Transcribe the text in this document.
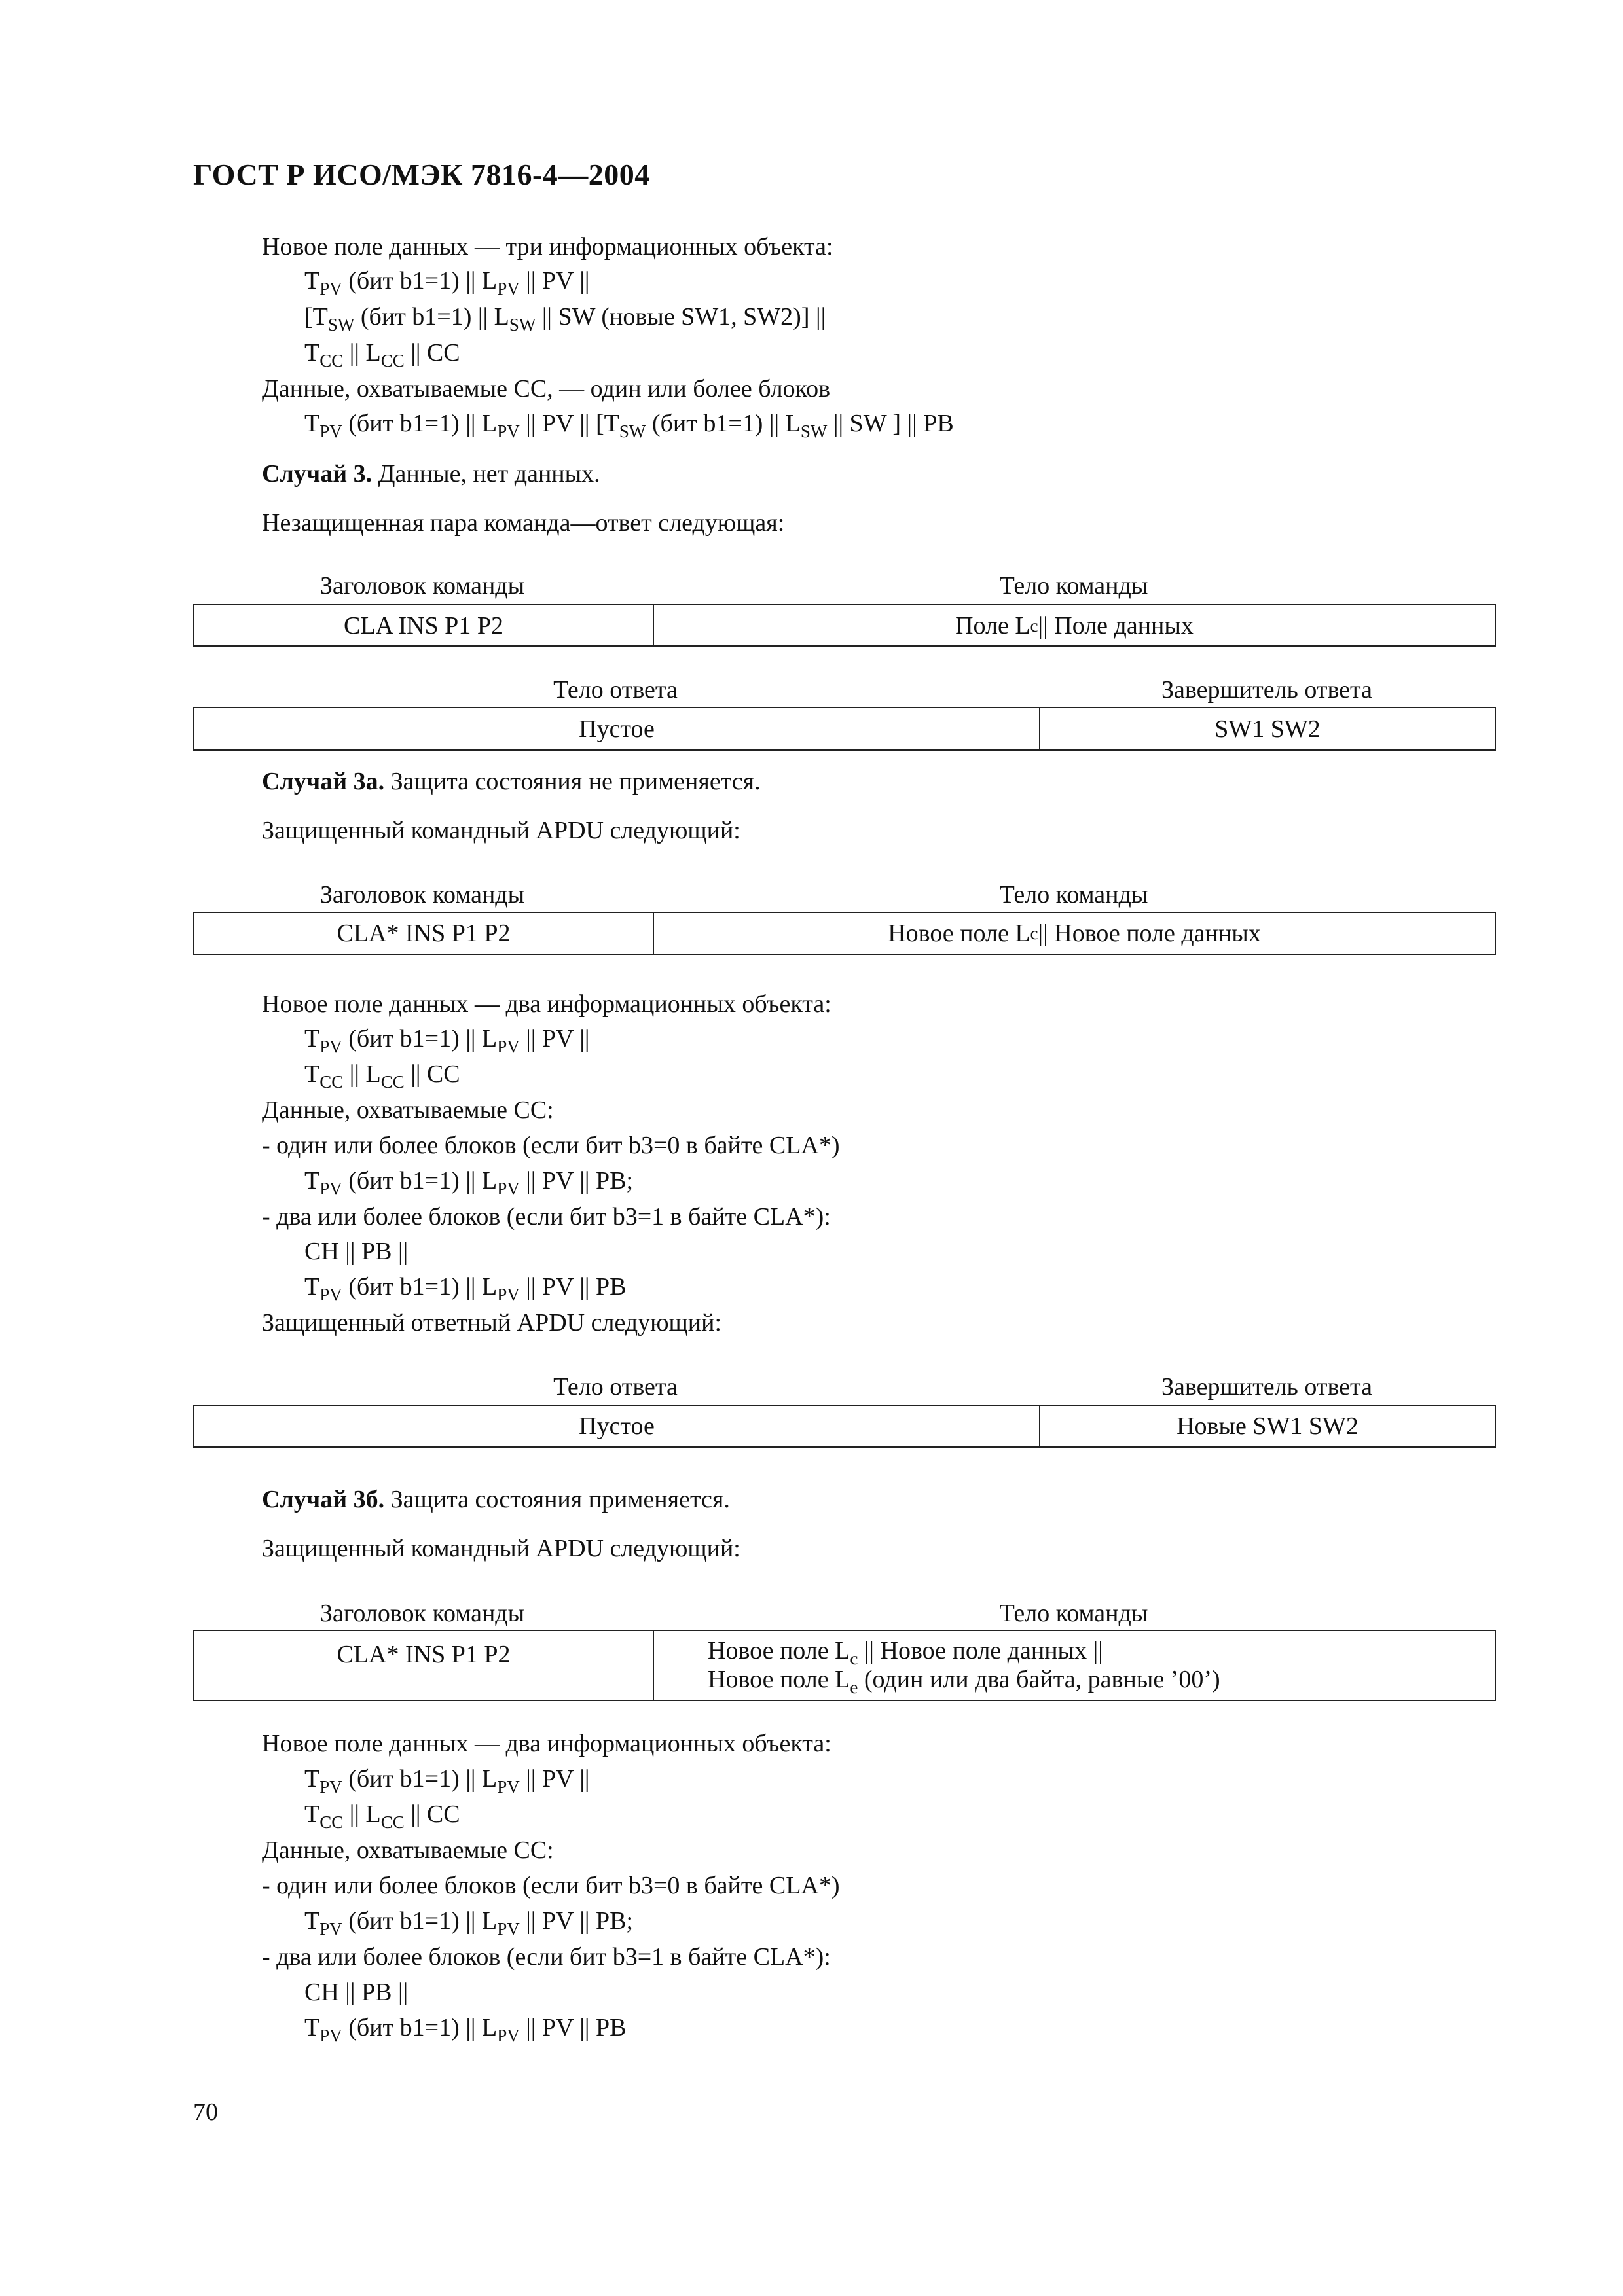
ГОСТ Р ИСО/МЭК 7816-4—2004
Новое поле данных — три информационных объекта:
$T_{PV}$ (бит b1=1) || $L_{PV}$ || PV ||
[$T_{SW}$ (бит b1=1) || $L_{SW}$ || SW (новые SW1, SW2)] ||
$T_{CC}$ || $L_{CC}$ || CC
Данные, охватываемые СС, — один или более блоков
$T_{PV}$ (бит b1=1) || $L_{PV}$ || PV || [$T_{SW}$ (бит b1=1) || $L_{SW}$ || SW ] || PB
Случай 3. Данные, нет данных.
Незащищенная пара команда—ответ следующая:
Заголовок команды	Тело команды
CLA INS P1 P2	Поле L c || Поле данных
Тело ответа	Завершитель ответа
Пустое	SW1 SW2
Случай 3а. Защита состояния не применяется.
Защищенный командный APDU следующий:
Заголовок команды	Тело команды
CLA* INS P1 P2	Новое поле L c || Новое поле данных
Новое поле данных — два информационных объекта:
$T_{PV}$ (бит b1=1) || $L_{PV}$ || PV ||
$T_{CC}$ || $L_{CC}$ || CC
Данные, охватываемые СС:
- один или более блоков (если бит b3=0 в байте CLA*)
$T_{PV}$ (бит b1=1) || $L_{PV}$ || PV || PB;
- два или более блоков (если бит b3=1 в байте CLA*):
CH || PB ||
$T_{PV}$ (бит b1=1) || $L_{PV}$ || PV || PB
Защищенный ответный APDU следующий:
Тело ответа	Завершитель ответа
Пустое	Новые SW1 SW2
Случай 3б. Защита состояния применяется.
Защищенный командный APDU следующий:
Заголовок команды	Тело команды
CLA* INS P1 P2	Новое поле $L_c$ || Новое поле данных ||
Новое поле $L_e$ (один или два байта, равные ’00’)
Новое поле данных — два информационных объекта:
$T_{PV}$ (бит b1=1) || $L_{PV}$ || PV ||
$T_{CC}$ || $L_{CC}$ || CC
Данные, охватываемые СС:
- один или более блоков (если бит b3=0 в байте CLA*)
$T_{PV}$ (бит b1=1) || $L_{PV}$ || PV || PB;
- два или более блоков (если бит b3=1 в байте CLA*):
CH || PB ||
$T_{PV}$ (бит b1=1) || $L_{PV}$ || PV || PB
70
